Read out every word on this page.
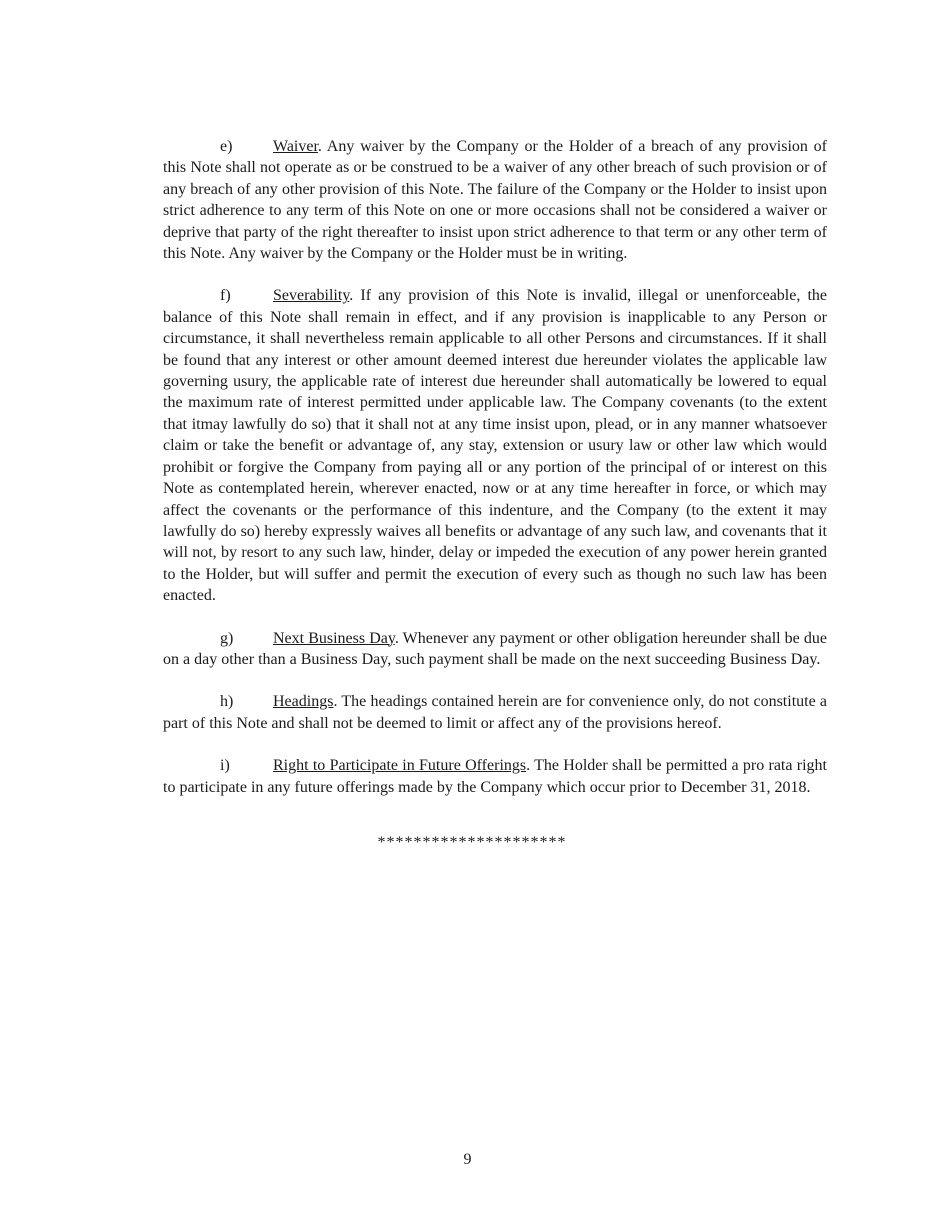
e)	Waiver. Any waiver by the Company or the Holder of a breach of any provision of this Note shall not operate as or be construed to be a waiver of any other breach of such provision or of any breach of any other provision of this Note. The failure of the Company or the Holder to insist upon strict adherence to any term of this Note on one or more occasions shall not be considered a waiver or deprive that party of the right thereafter to insist upon strict adherence to that term or any other term of this Note. Any waiver by the Company or the Holder must be in writing.

f)	Severability. If any provision of this Note is invalid, illegal or unenforceable, the balance of this Note shall remain in effect, and if any provision is inapplicable to any Person or circumstance, it shall nevertheless remain applicable to all other Persons and circumstances. If it shall be found that any interest or other amount deemed interest due hereunder violates the applicable law governing usury, the applicable rate of interest due hereunder shall automatically be lowered to equal the maximum rate of interest permitted under applicable law. The Company covenants (to the extent that itmay lawfully do so) that it shall not at any time insist upon, plead, or in any manner whatsoever claim or take the benefit or advantage of, any stay, extension or usury law or other law which would prohibit or forgive the Company from paying all or any portion of the principal of or interest on this Note as contemplated herein, wherever enacted, now or at any time hereafter in force, or which may affect the covenants or the performance of this indenture, and the Company (to the extent it may lawfully do so) hereby expressly waives all benefits or advantage of any such law, and covenants that it will not, by resort to any such law, hinder, delay or impeded the execution of any power herein granted to the Holder, but will suffer and permit the execution of every such as though no such law has been enacted.

g) Next Business Day. Whenever any payment or other obligation hereunder shall be due on a day other than a Business Day, such payment shall be made on the next succeeding Business Day.

h) Headings. The headings contained herein are for convenience only, do not constitute a part of this Note and shall not be deemed to limit or affect any of the provisions hereof.

i)	Right to Participate in Future Offerings. The Holder shall be permitted a pro rata right to participate in any future offerings made by the Company which occur prior to December 31, 2018.

*********************
9
